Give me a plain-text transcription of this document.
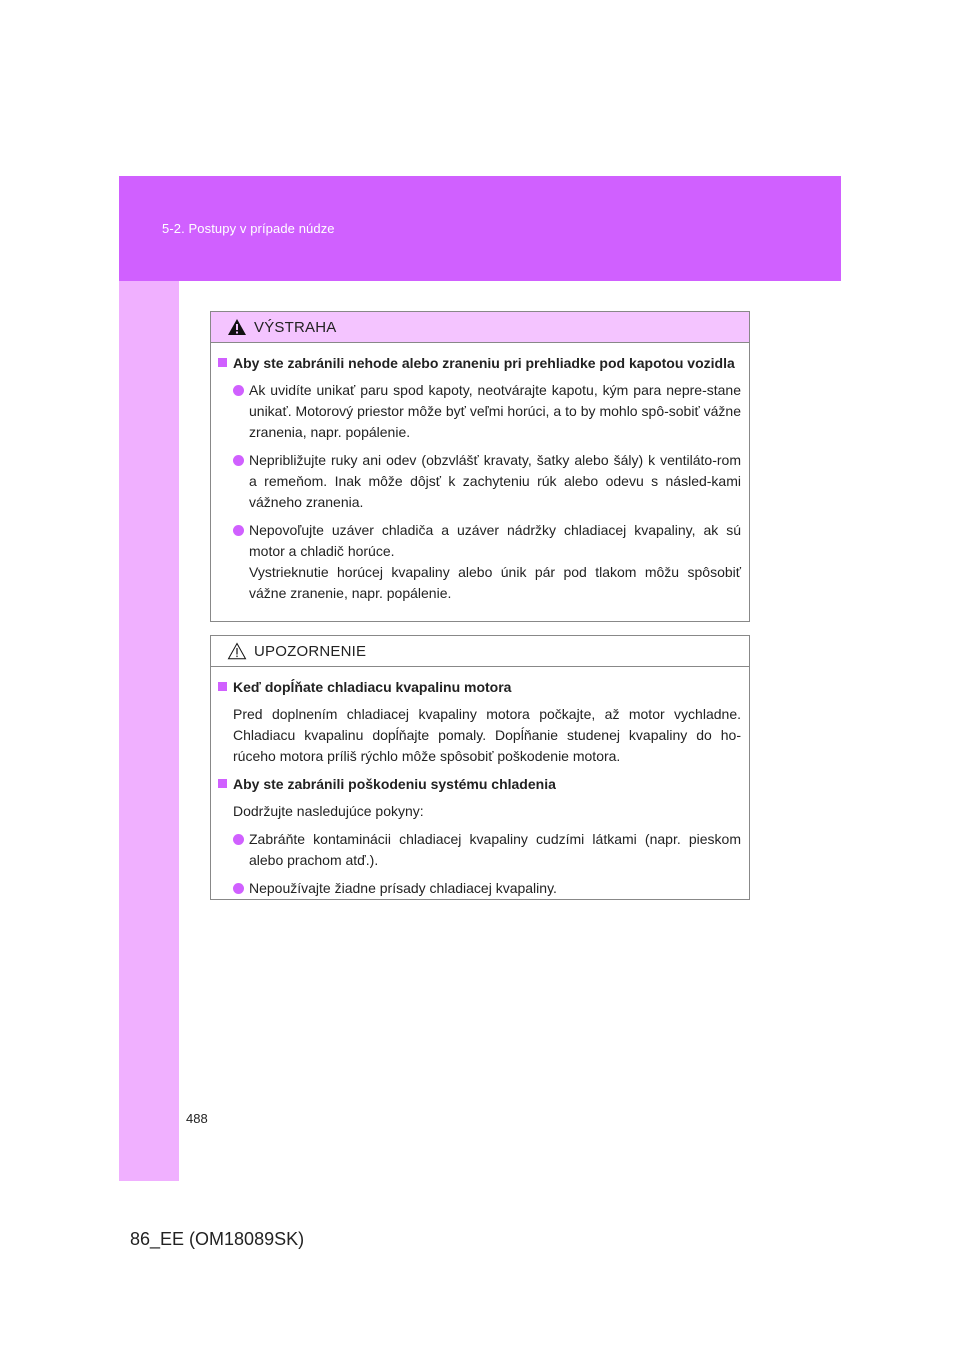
5-2. Postupy v prípade núdze
VÝSTRAHA
Aby ste zabránili nehode alebo zraneniu pri prehliadke pod kapotou vozidla
Ak uvidíte unikať paru spod kapoty, neotvárajte kapotu, kým para nepre-stane unikať. Motorový priestor môže byť veľmi horúci, a to by mohlo spô-sobiť vážne zranenia, napr. popálenie.
Nepribližujte ruky ani odev (obzvlášť kravaty, šatky alebo šály) k ventiláto-rom a remeňom. Inak môže dôjsť k zachyteniu rúk alebo odevu s násled-kami vážneho zranenia.
Nepovoľujte uzáver chladiča a uzáver nádržky chladiacej kvapaliny, ak sú motor a chladič horúce.
Vystrieknutie horúcej kvapaliny alebo únik pár pod tlakom môžu spôsobiť vážne zranenie, napr. popálenie.
UPOZORNENIE
Keď dopĺňate chladiacu kvapalinu motora
Pred doplnením chladiacej kvapaliny motora počkajte, až motor vychladne. Chladiacu kvapalinu dopĺňajte pomaly. Dopĺňanie studenej kvapaliny do ho-rúceho motora príliš rýchlo môže spôsobiť poškodenie motora.
Aby ste zabránili poškodeniu systému chladenia
Dodržujte nasledujúce pokyny:
Zabráňte kontaminácii chladiacej kvapaliny cudzími látkami (napr. pieskom alebo prachom atď.).
Nepoužívajte žiadne prísady chladiacej kvapaliny.
488
86_EE (OM18089SK)
